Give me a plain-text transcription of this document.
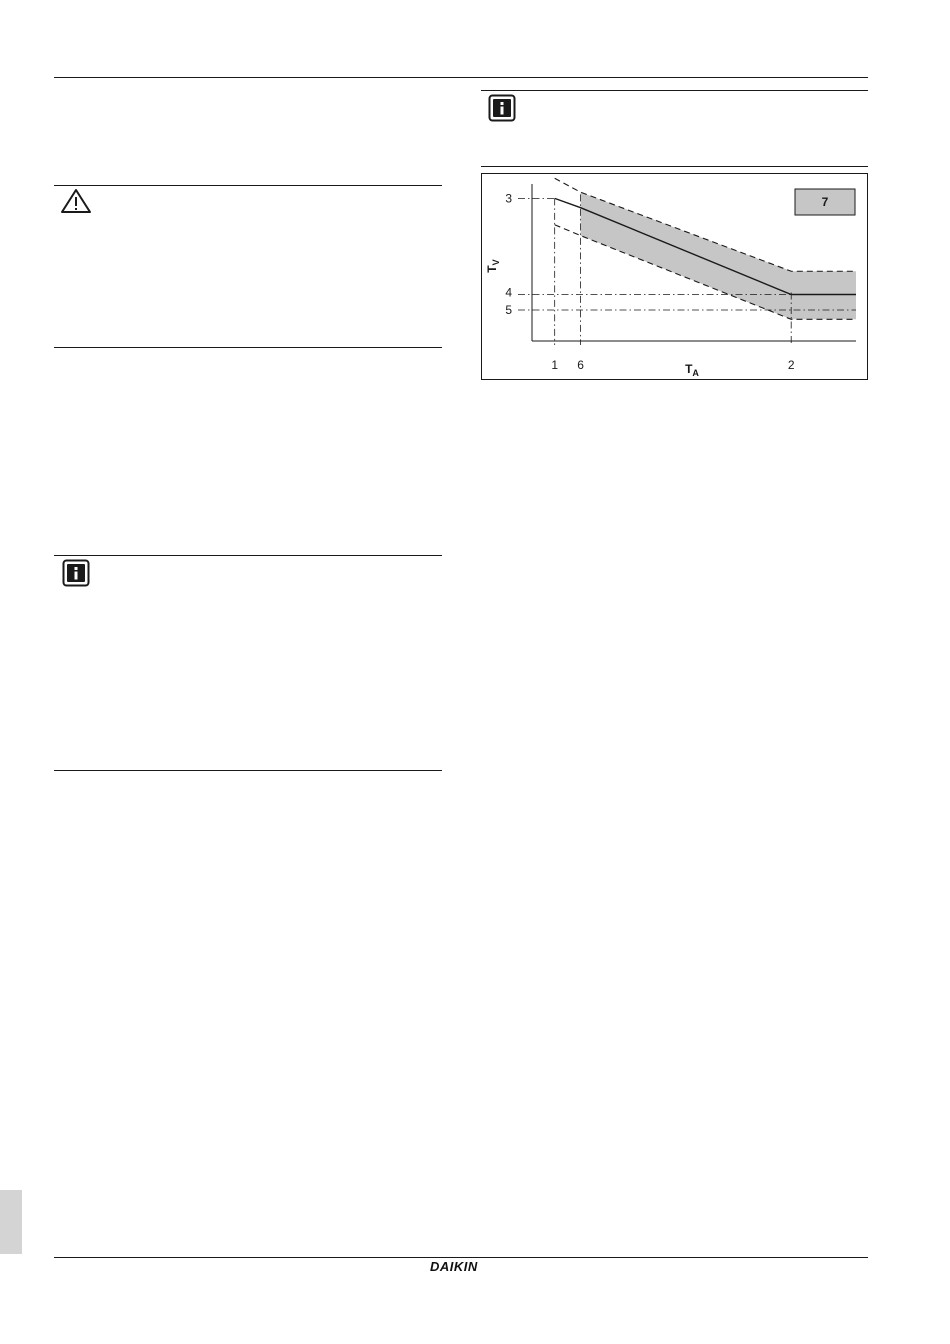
1 6	2
3
4
5
$T_A$
$T_V$
7
DAIKIN
